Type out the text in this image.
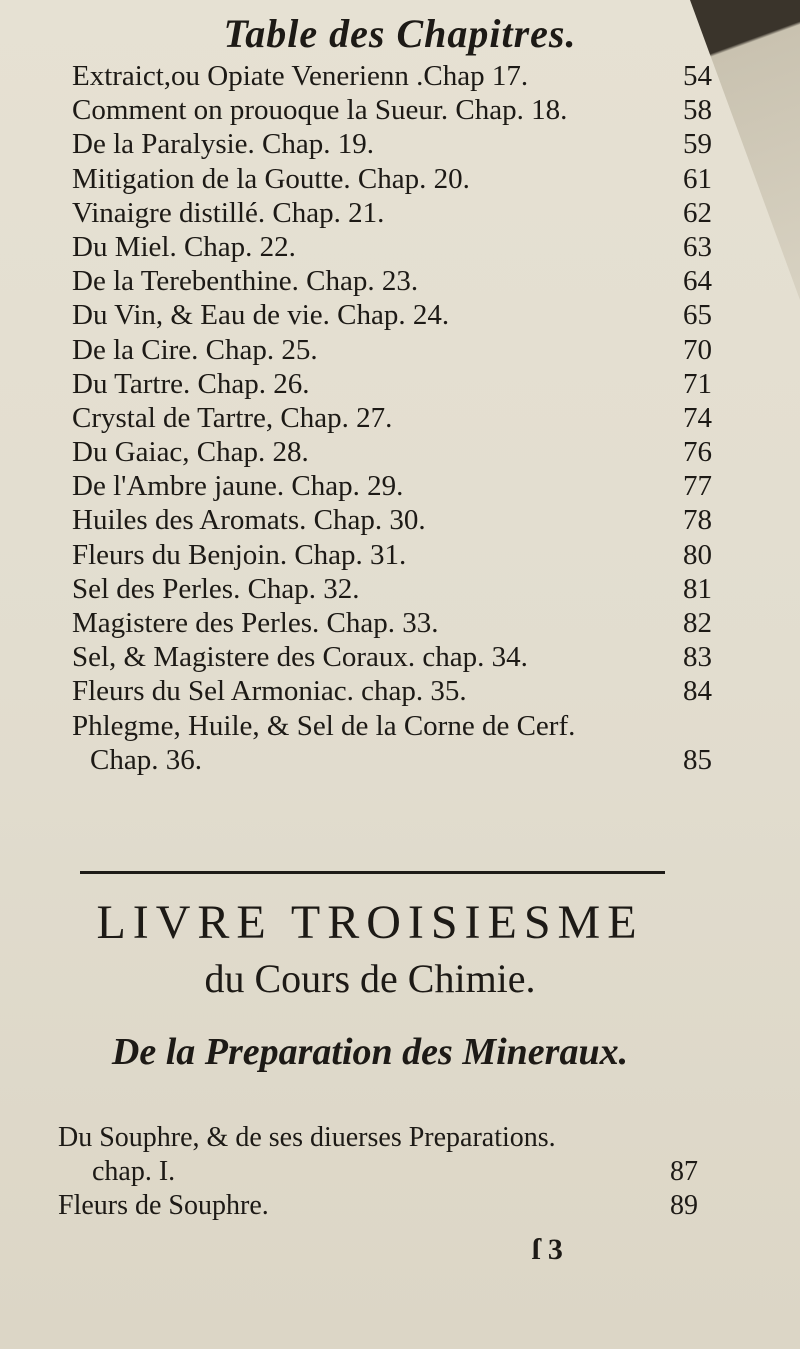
Table des Chapitres.
Extraict,ou Opiate Venerienn .Chap 17.	54
Comment on prouoque la Sueur. Chap. 18.	58
De la Paralysie. Chap. 19.	59
Mitigation de la Goutte. Chap. 20.	61
Vinaigre distillé. Chap. 21.	62
Du Miel. Chap. 22.	63
De la Terebenthine. Chap. 23.	64
Du Vin, & Eau de vie. Chap. 24.	65
De la Cire. Chap. 25.	70
Du Tartre. Chap. 26.	71
Crystal de Tartre, Chap. 27.	74
Du Gaiac, Chap. 28.	76
De l'Ambre jaune. Chap. 29.	77
Huiles des Aromats. Chap. 30.	78
Fleurs du Benjoin. Chap. 31.	80
Sel des Perles. Chap. 32.	81
Magistere des Perles. Chap. 33.	82
Sel, & Magistere des Coraux. chap. 34.	83
Fleurs du Sel Armoniac. chap. 35.	84
Phlegme, Huile, & Sel de la Corne de Cerf.
Chap. 36.	85
LIVRE TROISIESME
du Cours de Chimie.
De la Preparation des Mineraux.
Du Souphre, & de ses diuerses Preparations.
chap. I.	87
Fleurs de Souphre.	89
ſ 3
